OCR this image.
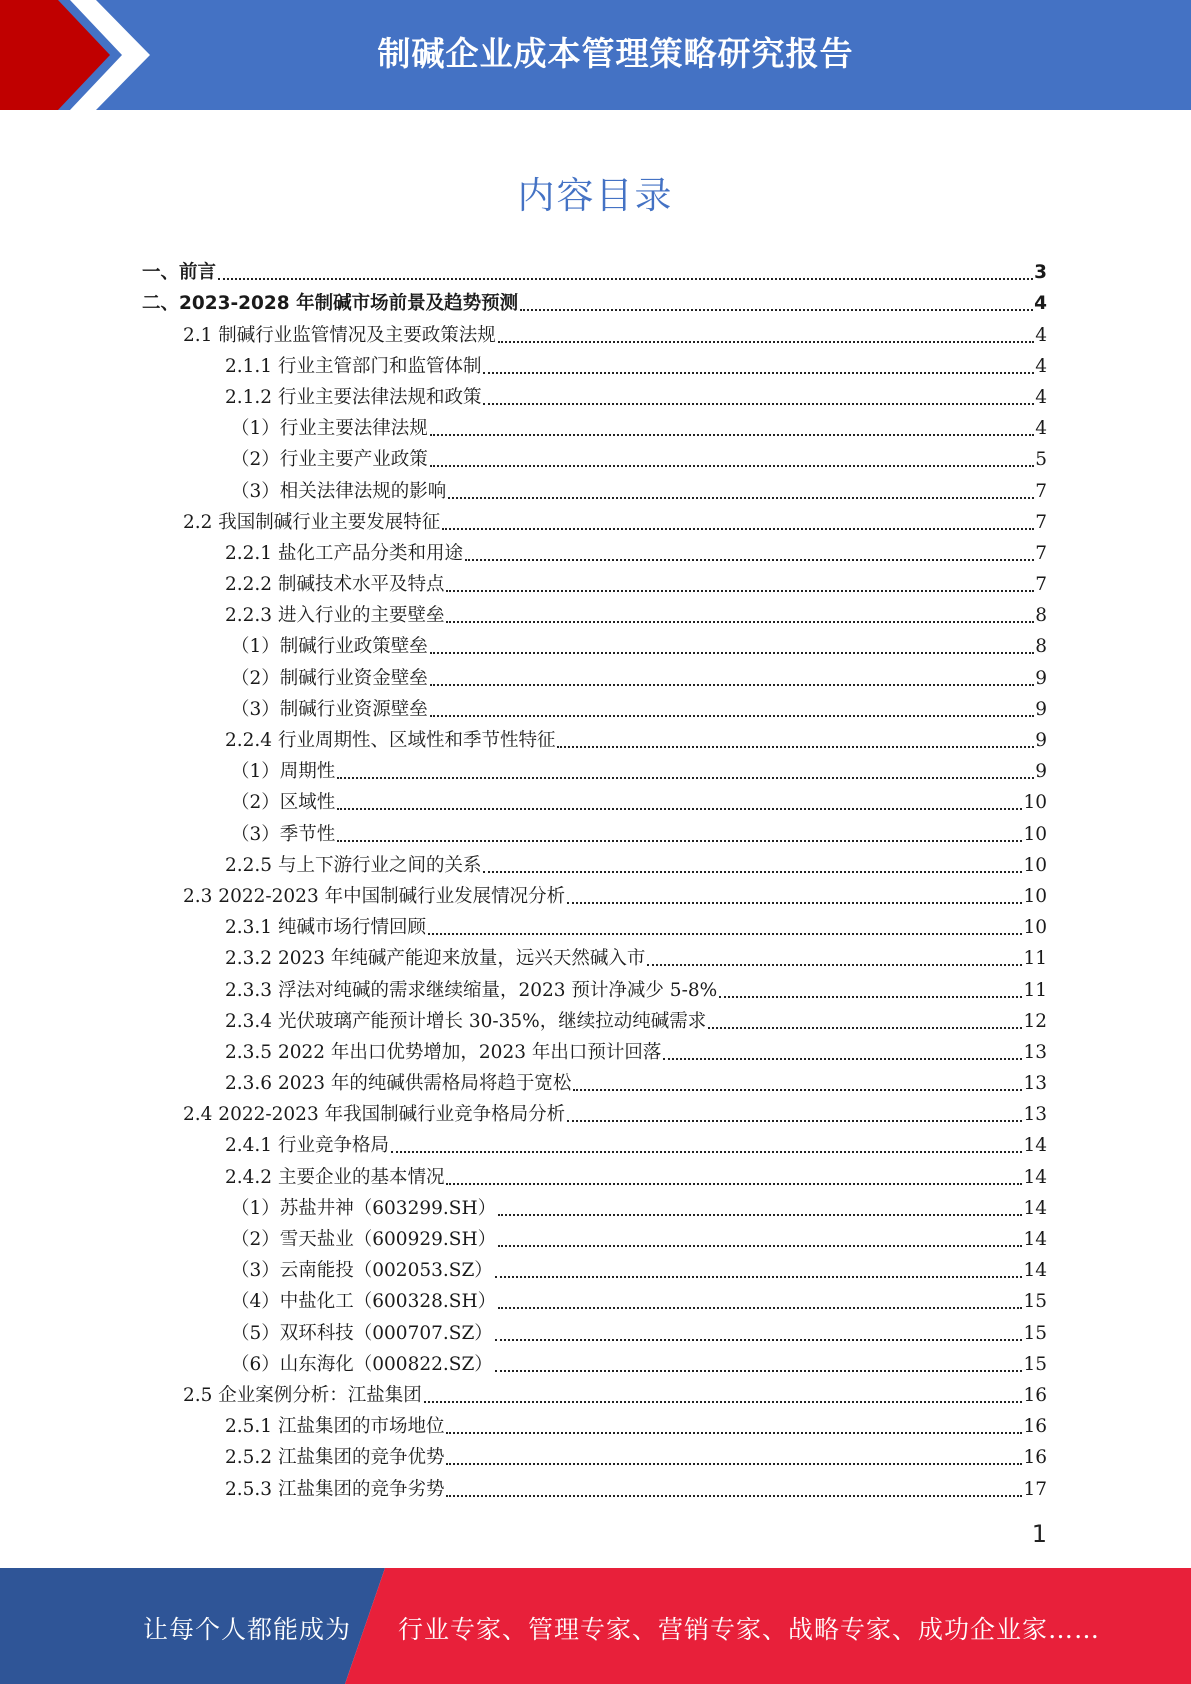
制碱企业成本管理策略研究报告
内容目录
一、前言	3
二、2023-2028 年制碱市场前景及趋势预测	4
2.1 制碱行业监管情况及主要政策法规	4
2.1.1 行业主管部门和监管体制	4
2.1.2 行业主要法律法规和政策	4
（1）行业主要法律法规	4
（2）行业主要产业政策	5
（3）相关法律法规的影响	7
2.2 我国制碱行业主要发展特征	7
2.2.1 盐化工产品分类和用途	7
2.2.2 制碱技术水平及特点	7
2.2.3 进入行业的主要壁垒	8
（1）制碱行业政策壁垒	8
（2）制碱行业资金壁垒	9
（3）制碱行业资源壁垒	9
2.2.4 行业周期性、区域性和季节性特征	9
（1）周期性	9
（2）区域性	10
（3）季节性	10
2.2.5 与上下游行业之间的关系	10
2.3 2022-2023 年中国制碱行业发展情况分析	10
2.3.1 纯碱市场行情回顾	10
2.3.2 2023 年纯碱产能迎来放量，远兴天然碱入市	11
2.3.3 浮法对纯碱的需求继续缩量，2023 预计净减少 5-8%	11
2.3.4 光伏玻璃产能预计增长 30-35%，继续拉动纯碱需求	12
2.3.5 2022 年出口优势增加，2023 年出口预计回落	13
2.3.6 2023 年的纯碱供需格局将趋于宽松	13
2.4 2022-2023 年我国制碱行业竞争格局分析	13
2.4.1 行业竞争格局	14
2.4.2 主要企业的基本情况	14
（1）苏盐井神（603299.SH）	14
（2）雪天盐业（600929.SH）	14
（3）云南能投（002053.SZ）	14
（4）中盐化工（600328.SH）	15
（5）双环科技（000707.SZ）	15
（6）山东海化（000822.SZ）	15
2.5 企业案例分析：江盐集团	16
2.5.1 江盐集团的市场地位	16
2.5.2 江盐集团的竞争优势	16
2.5.3 江盐集团的竞争劣势	17
1
让每个人都能成为 行业专家、管理专家、营销专家、战略专家、成功企业家……
